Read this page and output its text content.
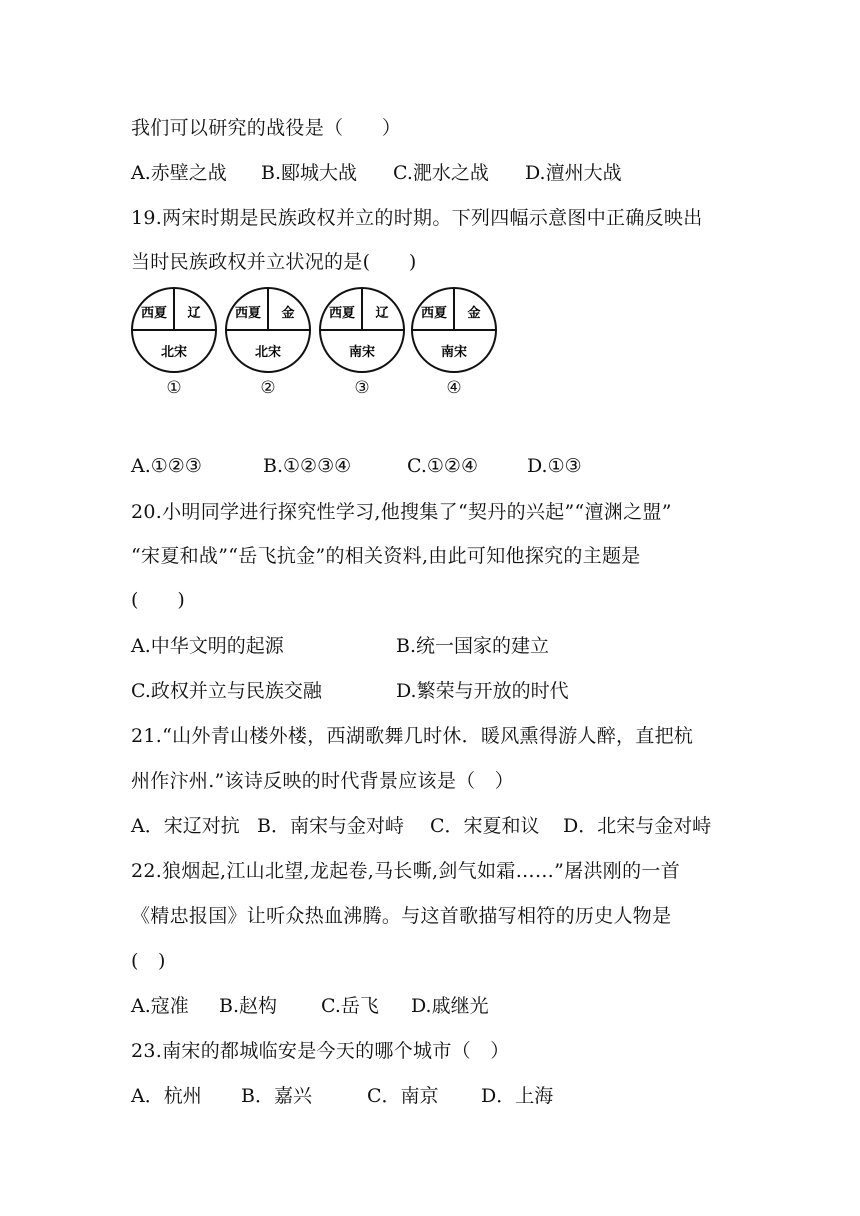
我们可以研究的战役是（　　）
A.赤壁之战 B.郾城大战 C.淝水之战 D.澶州大战
19.两宋时期是民族政权并立的时期。下列四幅示意图中正确反映出
当时民族政权并立状况的是(　　)
西夏 辽
北宋
①
西夏 金
北宋
②
西夏 辽
南宋
③
西夏 金
南宋
④
A.①②③	B.①②③④	C.①②④	D.①③
20.小明同学进行探究性学习,他搜集了“契丹的兴起”“澶渊之盟”
“宋夏和战”“岳飞抗金”的相关资料,由此可知他探究的主题是
(　　)
A.中华文明的起源	B.统一国家的建立
C.政权并立与民族交融	D.繁荣与开放的时代
21.“山外青山楼外楼，西湖歌舞几时休．暖风熏得游人醉，直把杭
州作汴州.”该诗反映的时代背景应该是（　）
A．宋辽对抗 B．南宋与金对峙 C．宋夏和议 D．北宋与金对峙
22.狼烟起,江山北望,龙起卷,马长嘶,剑气如霜……”屠洪刚的一首
《精忠报国》让听众热血沸腾。与这首歌描写相符的历史人物是
(　)
A.寇准 B.赵构 C.岳飞 D.戚继光
23.南宋的都城临安是今天的哪个城市（　）
A．杭州 B．嘉兴	C．南京 D．上海
